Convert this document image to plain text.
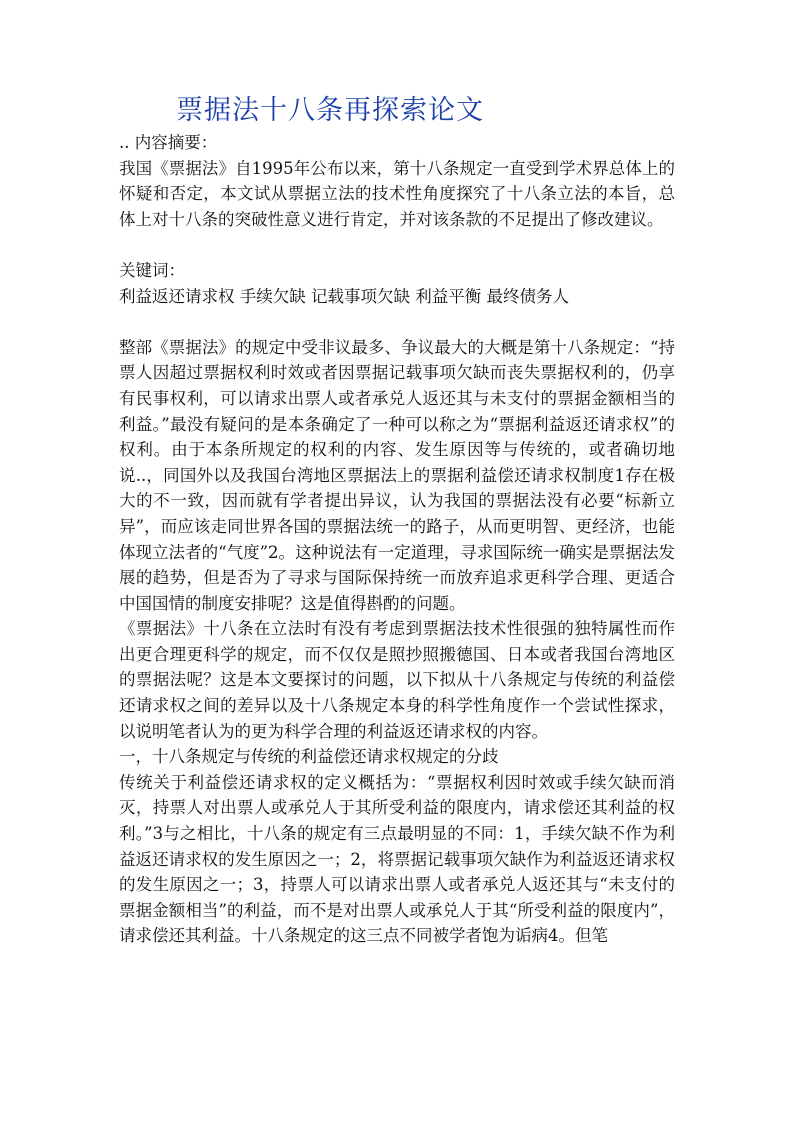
票据法十八条再探索论文

.. 内容摘要：

我国《票据法》自1995年公布以来，第十八条规定一直受到学术界总体上的怀疑和否定，本文试从票据立法的技术性角度探究了十八条立法的本旨，总体上对十八条的突破性意义进行肯定，并对该条款的不足提出了修改建议。

关键词：

利益返还请求权 手续欠缺 记载事项欠缺 利益平衡 最终债务人

整部《票据法》的规定中受非议最多、争议最大的大概是第十八条规定：“持票人因超过票据权利时效或者因票据记载事项欠缺而丧失票据权利的，仍享有民事权利，可以请求出票人或者承兑人返还其与未支付的票据金额相当的利益。”最没有疑问的是本条确定了一种可以称之为“票据利益返还请求权”的权利。由于本条所规定的权利的内容、发生原因等与传统的，或者确切地说..，同国外以及我国台湾地区票据法上的票据利益偿还请求权制度1存在极大的不一致，因而就有学者提出异议，认为我国的票据法没有必要“标新立异”，而应该走同世界各国的票据法统一的路子，从而更明智、更经济，也能体现立法者的“气度”2。这种说法有一定道理，寻求国际统一确实是票据法发展的趋势，但是否为了寻求与国际保持统一而放弃追求更科学合理、更适合中国国情的制度安排呢？这是值得斟酌的问题。

《票据法》十八条在立法时有没有考虑到票据法技术性很强的独特属性而作出更合理更科学的规定，而不仅仅是照抄照搬德国、日本或者我国台湾地区的票据法呢？这是本文要探讨的问题，以下拟从十八条规定与传统的利益偿还请求权之间的差异以及十八条规定本身的科学性角度作一个尝试性探求，以说明笔者认为的更为科学合理的利益返还请求权的内容。

一，十八条规定与传统的利益偿还请求权规定的分歧

传统关于利益偿还请求权的定义概括为：“票据权利因时效或手续欠缺而消灭，持票人对出票人或承兑人于其所受利益的限度内，请求偿还其利益的权利。”3与之相比，十八条的规定有三点最明显的不同：1，手续欠缺不作为利益返还请求权的发生原因之一；2，将票据记载事项欠缺作为利益返还请求权的发生原因之一；3，持票人可以请求出票人或者承兑人返还其与“未支付的票据金额相当”的利益，而不是对出票人或承兑人于其“所受利益的限度内”，请求偿还其利益。十八条规定的这三点不同被学者饱为诟病4。但笔
